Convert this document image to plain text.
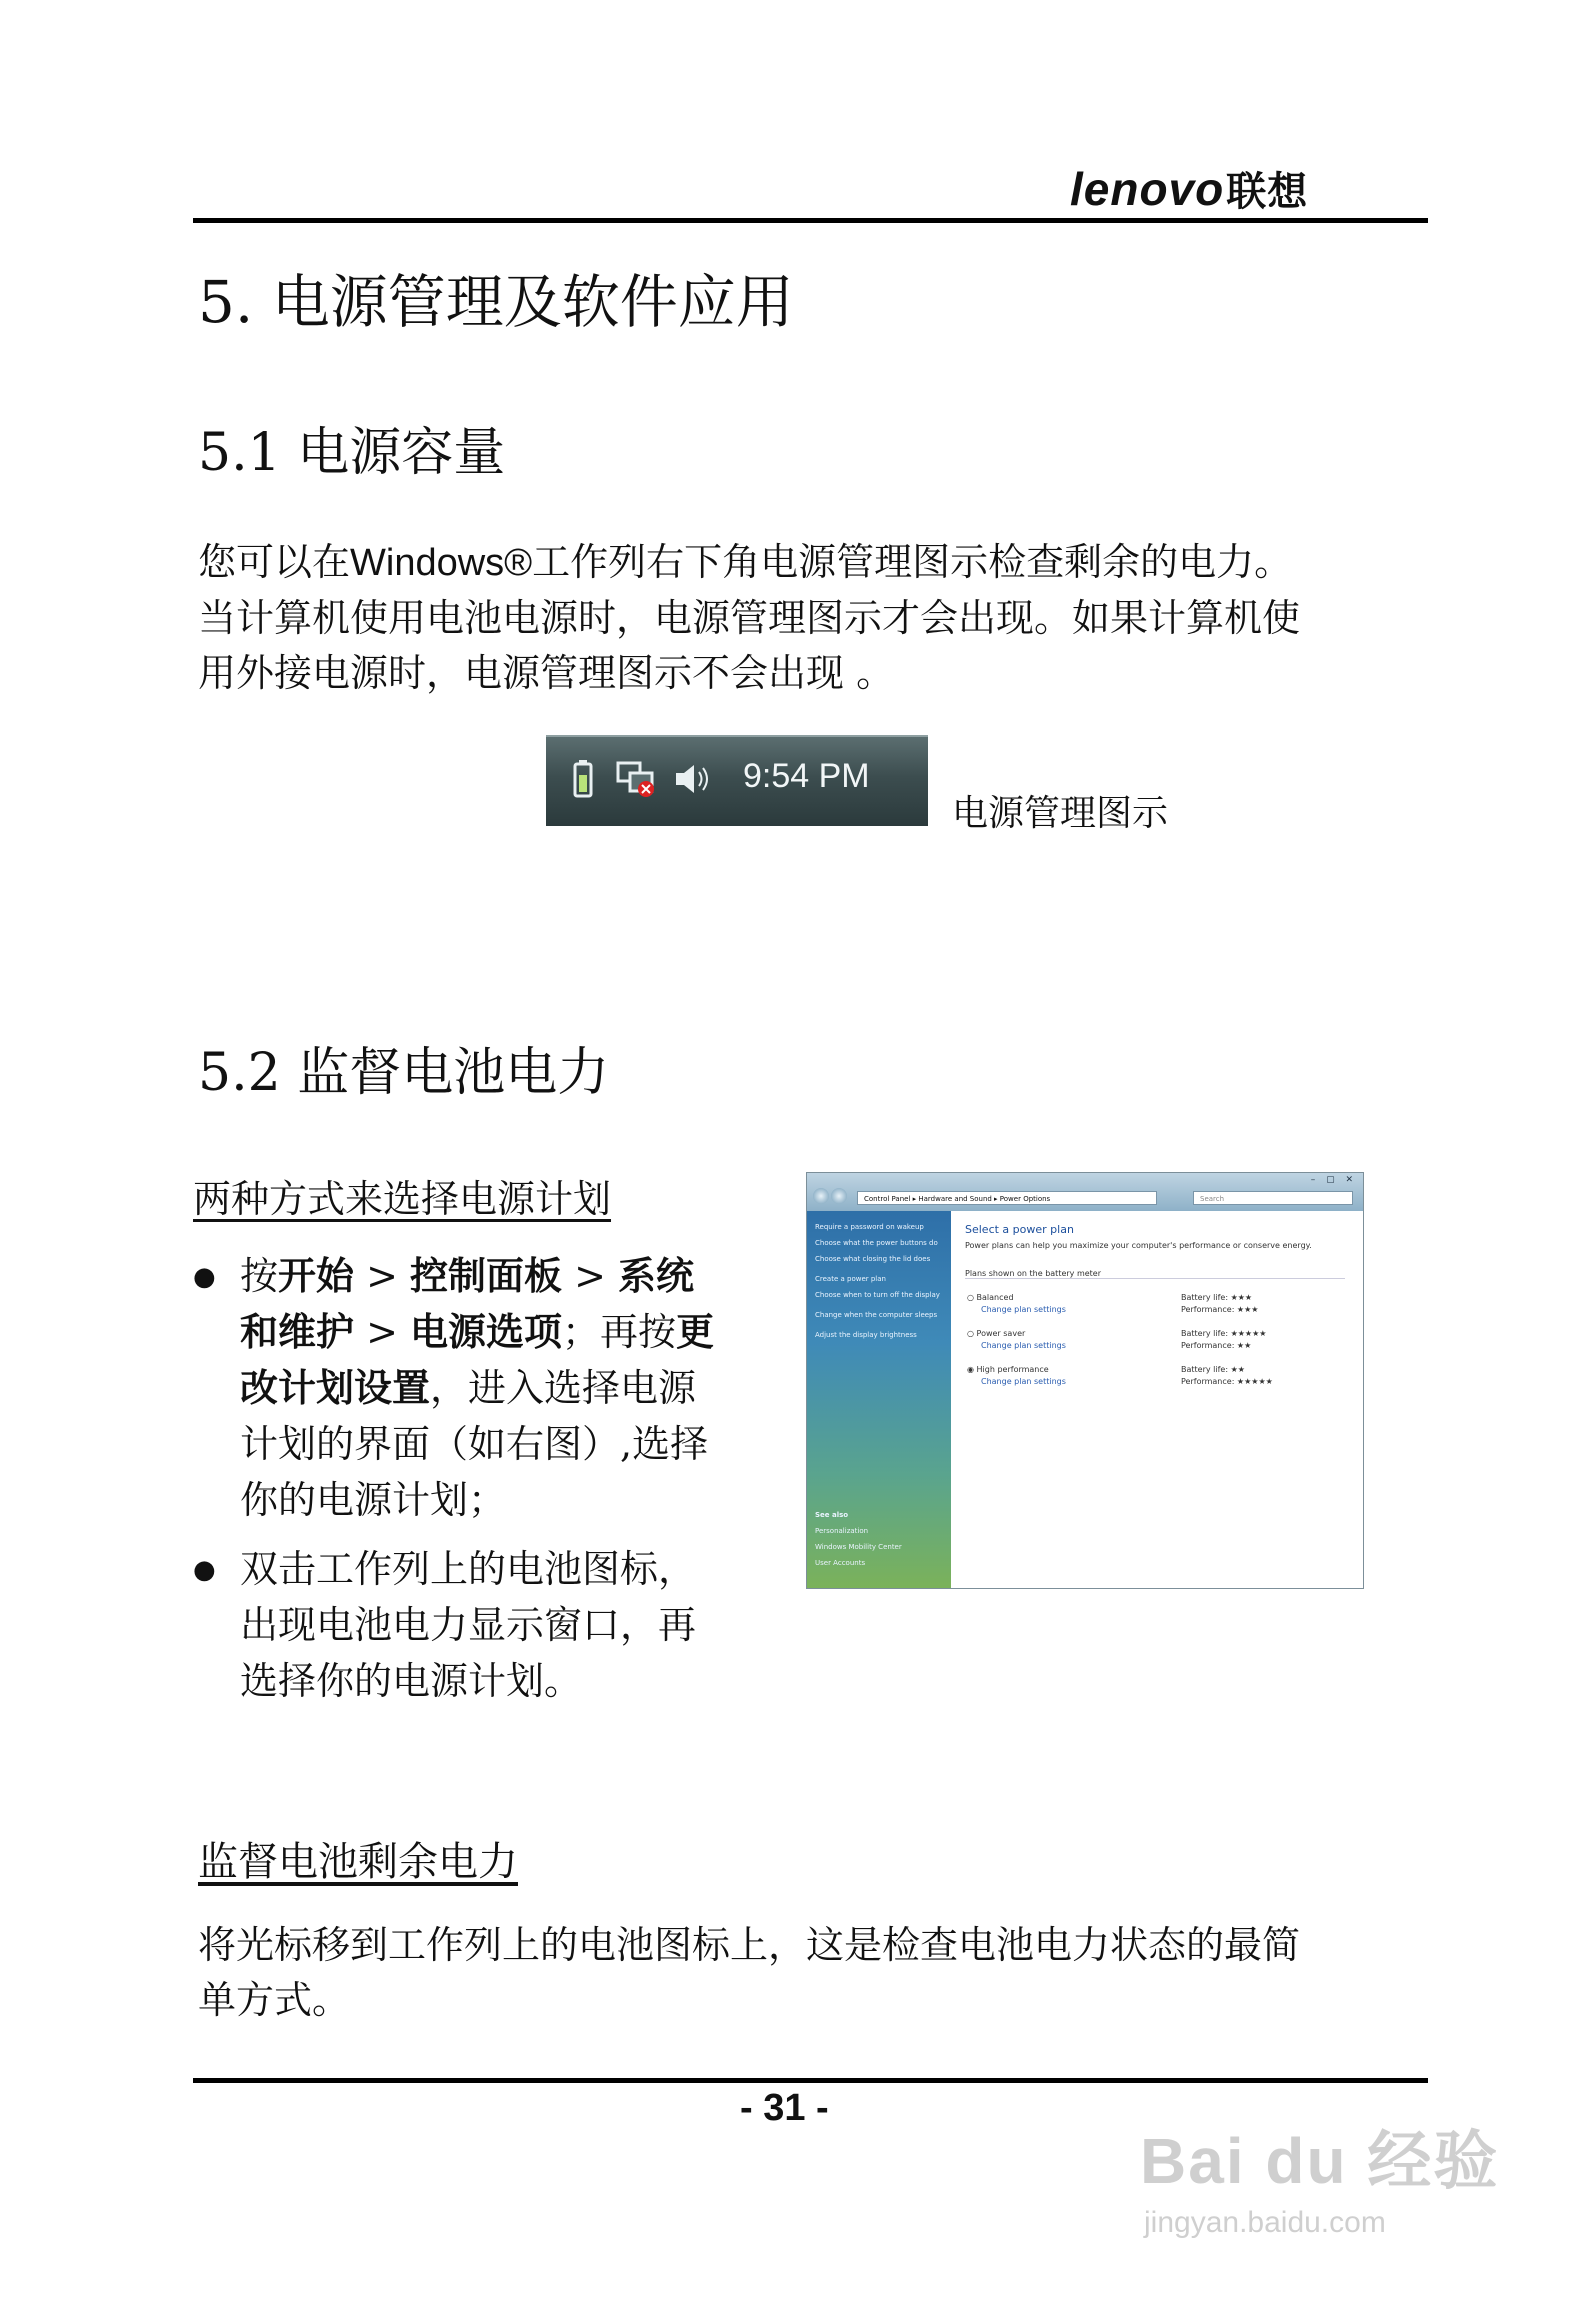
lenovo联想
5. 电源管理及软件应用
5.1 电源容量
您可以在Windows®工作列右下角电源管理图示检查剩余的电力。
当计算机使用电池电源时，电源管理图示才会出现。如果计算机使
用外接电源时，电源管理图示不会出现 。
9:54 PM
电源管理图示
5.2 监督电池电力
两种方式来选择电源计划
● 按开始 > 控制面板 > 系统
和维护 > 电源选项；再按更
改计划设置，进入选择电源
计划的界面（如右图）,选择
你的电源计划；
● 双击工作列上的电池图标，
出现电池电力显示窗口，再
选择你的电源计划。
– ▢ ✕
Control Panel ▸ Hardware and Sound ▸ Power Options	Search
Require a password on wakeup
Choose what the power buttons do
Choose what closing the lid does
Create a power plan
Choose when to turn off the display
Change when the computer sleeps
Adjust the display brightness
See also
Personalization
Windows Mobility Center
User Accounts
Select a power plan
Power plans can help you maximize your computer's performance or conserve energy.
Plans shown on the battery meter
○ Balanced
Change plan settings
Battery life: ★★★
Performance: ★★★
○ Power saver
Change plan settings
Battery life: ★★★★★
Performance: ★★
◉ High performance
Change plan settings
Battery life: ★★
Performance: ★★★★★
监督电池剩余电力
将光标移到工作列上的电池图标上，这是检查电池电力状态的最简
单方式。
- 31 -
Bai du 经验
jingyan.baidu.com
